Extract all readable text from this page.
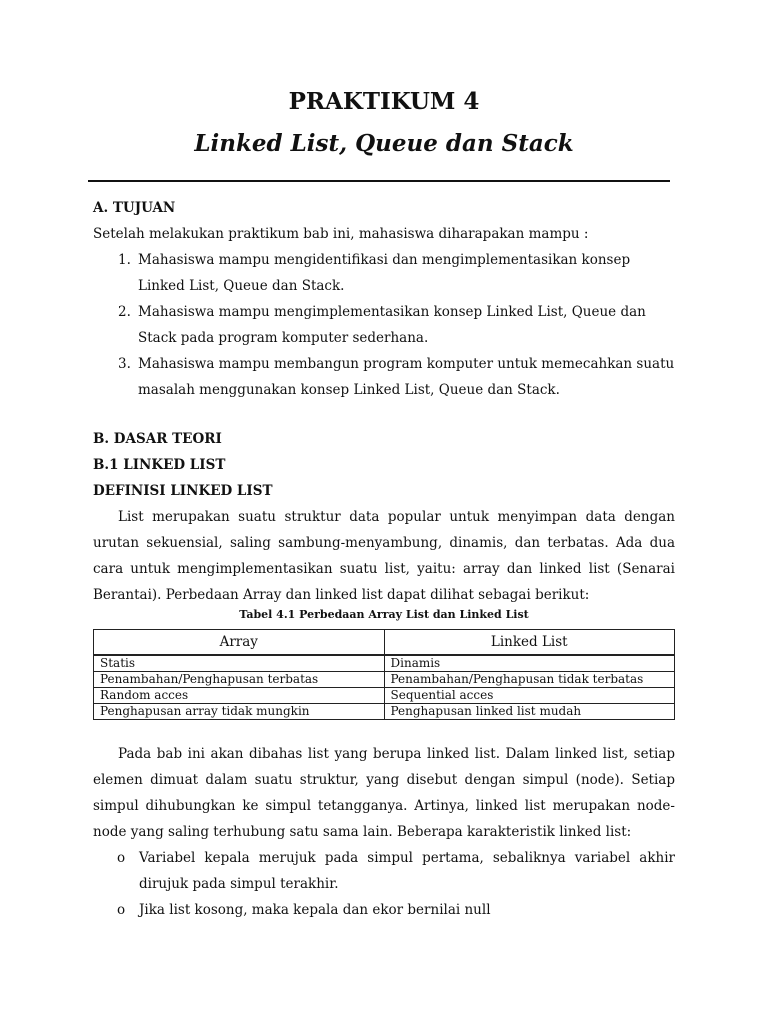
PRAKTIKUM 4
Linked List, Queue dan Stack
A. TUJUAN
Setelah melakukan praktikum bab ini, mahasiswa diharapakan mampu :
1. Mahasiswa mampu mengidentifikasi dan mengimplementasikan konsep Linked List, Queue dan Stack.
2. Mahasiswa mampu mengimplementasikan konsep Linked List, Queue dan Stack pada program komputer sederhana.
3. Mahasiswa mampu membangun program komputer untuk memecahkan suatu masalah menggunakan konsep Linked List, Queue dan Stack.
B. DASAR TEORI
B.1 LINKED LIST
DEFINISI LINKED LIST

List merupakan suatu struktur data popular untuk menyimpan data dengan urutan sekuensial, saling sambung-menyambung, dinamis, dan terbatas. Ada dua cara untuk mengimplementasikan suatu list, yaitu: array dan linked list (Senarai Berantai). Perbedaan Array dan linked list dapat dilihat sebagai berikut:

Tabel 4.1 Perbedaan Array List dan Linked List
Array	Linked List
Statis	Dinamis
Penambahan/Penghapusan terbatas	Penambahan/Penghapusan tidak terbatas
Random acces	Sequential acces
Penghapusan array tidak mungkin	Penghapusan linked list mudah

Pada bab ini akan dibahas list yang berupa linked list. Dalam linked list, setiap elemen dimuat dalam suatu struktur, yang disebut dengan simpul (node). Setiap simpul dihubungkan ke simpul tetangganya. Artinya, linked list merupakan node-node yang saling terhubung satu sama lain. Beberapa karakteristik linked list:

o Variabel kepala merujuk pada simpul pertama, sebaliknya variabel akhir dirujuk pada simpul terakhir.
o Jika list kosong, maka kepala dan ekor bernilai null
